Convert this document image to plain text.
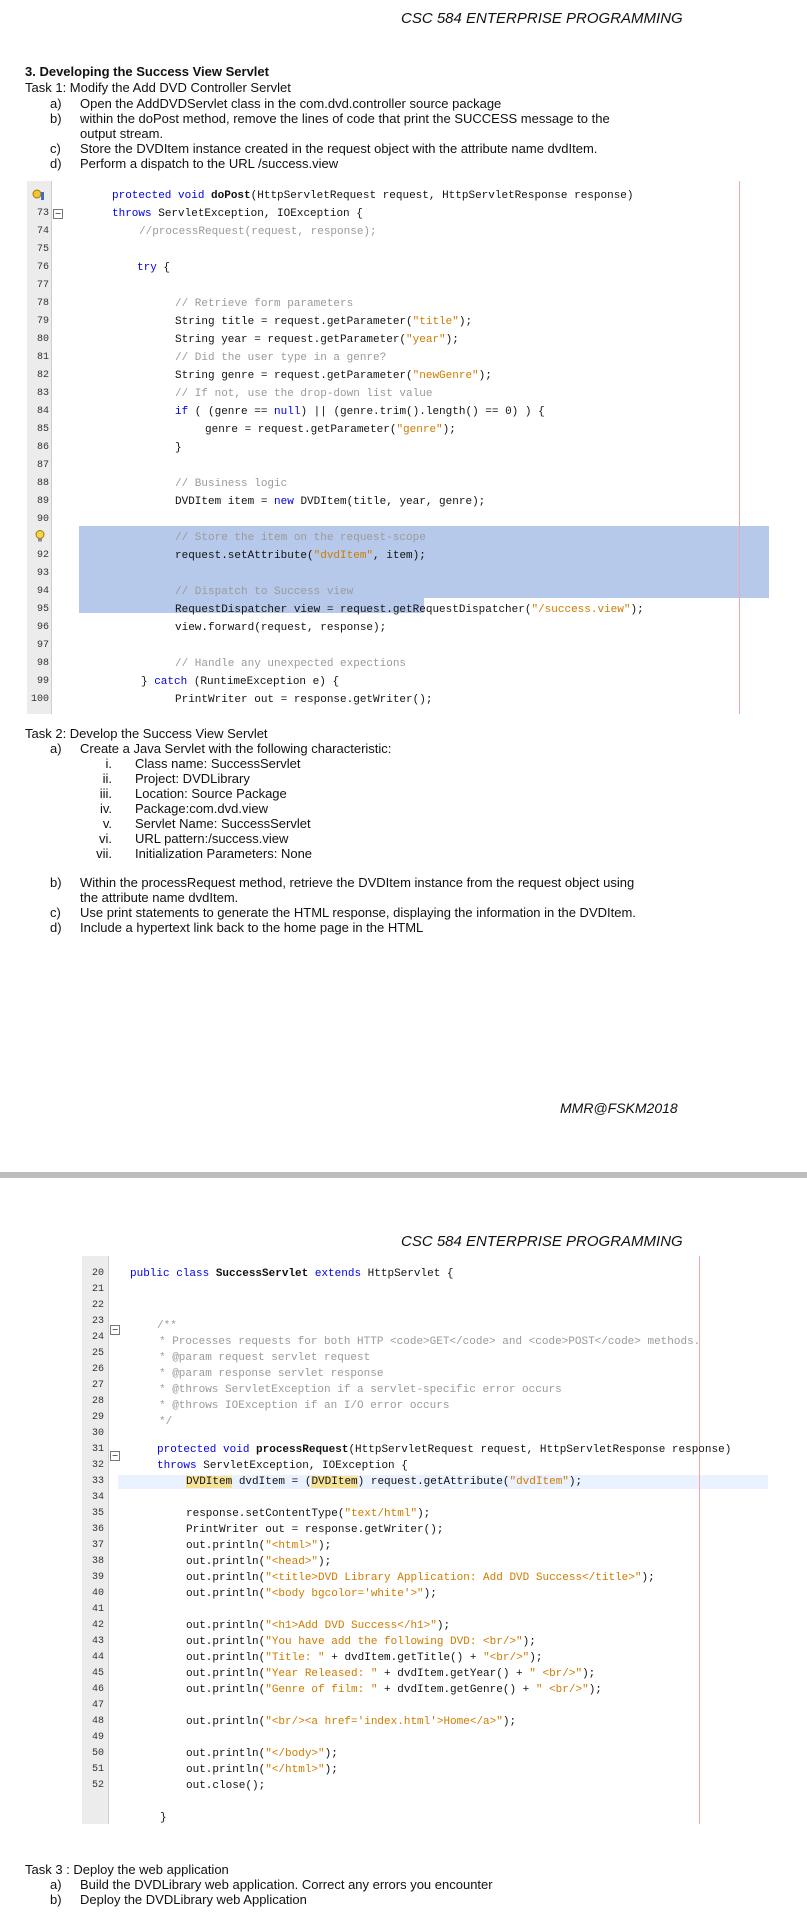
CSC 584 ENTERPRISE PROGRAMMING
3. Developing the Success View Servlet
Task 1: Modify the Add DVD Controller Servlet
a) Open the AddDVDServlet class in the com.dvd.controller source package
b) within the doPost method, remove the lines of code that print the SUCCESS message to the
output stream.
c) Store the DVDItem instance created in the request object with the attribute name dvdItem.
d) Perform a dispatch to the URL /success.view
−
protected void doPost(HttpServletRequest request, HttpServletResponse response)
throws ServletException, IOException {
//processRequest(request, response);
try {
// Retrieve form parameters
String title = request.getParameter("title");
String year = request.getParameter("year");
// Did the user type in a genre?
String genre = request.getParameter("newGenre");
// If not, use the drop-down list value
if ( (genre == null) || (genre.trim().length() == 0) ) {
genre = request.getParameter("genre");
}
// Business logic
DVDItem item = new DVDItem(title, year, genre);
// Store the item on the request-scope
request.setAttribute("dvdItem", item);
// Dispatch to Success view
RequestDispatcher view = request.getRequestDispatcher("/success.view");
view.forward(request, response);
// Handle any unexpected expections
} catch (RuntimeException e) {
PrintWriter out = response.getWriter();
73
74
75
76
77
78
79
80
81
82
83
84
85
86
87
88
89
90
92
93
94
95
96
97
98
99
100
Task 2: Develop the Success View Servlet
a) Create a Java Servlet with the following characteristic:
b) Within the processRequest method, retrieve the DVDItem instance from the request object using
the attribute name dvdItem.
c) Use print statements to generate the HTML response, displaying the information in the DVDItem.
d) Include a hypertext link back to the home page in the HTML
MMR@FSKM2018
CSC 584 ENTERPRISE PROGRAMMING
−
−
public class SuccessServlet extends HttpServlet {
/**
* Processes requests for both HTTP <code>GET</code> and <code>POST</code> methods.
* @param request servlet request
* @param response servlet response
* @throws ServletException if a servlet-specific error occurs
* @throws IOException if an I/O error occurs
*/
protected void processRequest(HttpServletRequest request, HttpServletResponse response)
throws ServletException, IOException {
DVDItem dvdItem = (DVDItem) request.getAttribute("dvdItem");
response.setContentType("text/html");
PrintWriter out = response.getWriter();
out.println("<html>");
out.println("<head>");
out.println("<title>DVD Library Application: Add DVD Success</title>");
out.println("<body bgcolor='white'>");
out.println("<h1>Add DVD Success</h1>");
out.println("You have add the following DVD: <br/>");
out.println("Title: " + dvdItem.getTitle() + "<br/>");
out.println("Year Released: " + dvdItem.getYear() + " <br/>");
out.println("Genre of film: " + dvdItem.getGenre() + " <br/>");
out.println("<br/><a href='index.html'>Home</a>");
out.println("</body>");
out.println("</html>");
out.close();
}
20
21
22
23
24
25
26
27
28
29
30
31
32
33
34
35
36
37
38
39
40
41
42
43
44
45
46
47
48
49
50
51
52
Task 3 : Deploy the web application
a) Build the DVDLibrary web application. Correct any errors you encounter
b) Deploy the DVDLibrary web Application
i. Class name: SuccessServlet
ii. Project: DVDLibrary
iii. Location: Source Package
iv. Package:com.dvd.view
v. Servlet Name: SuccessServlet
vi. URL pattern:/success.view
vii. Initialization Parameters: None
